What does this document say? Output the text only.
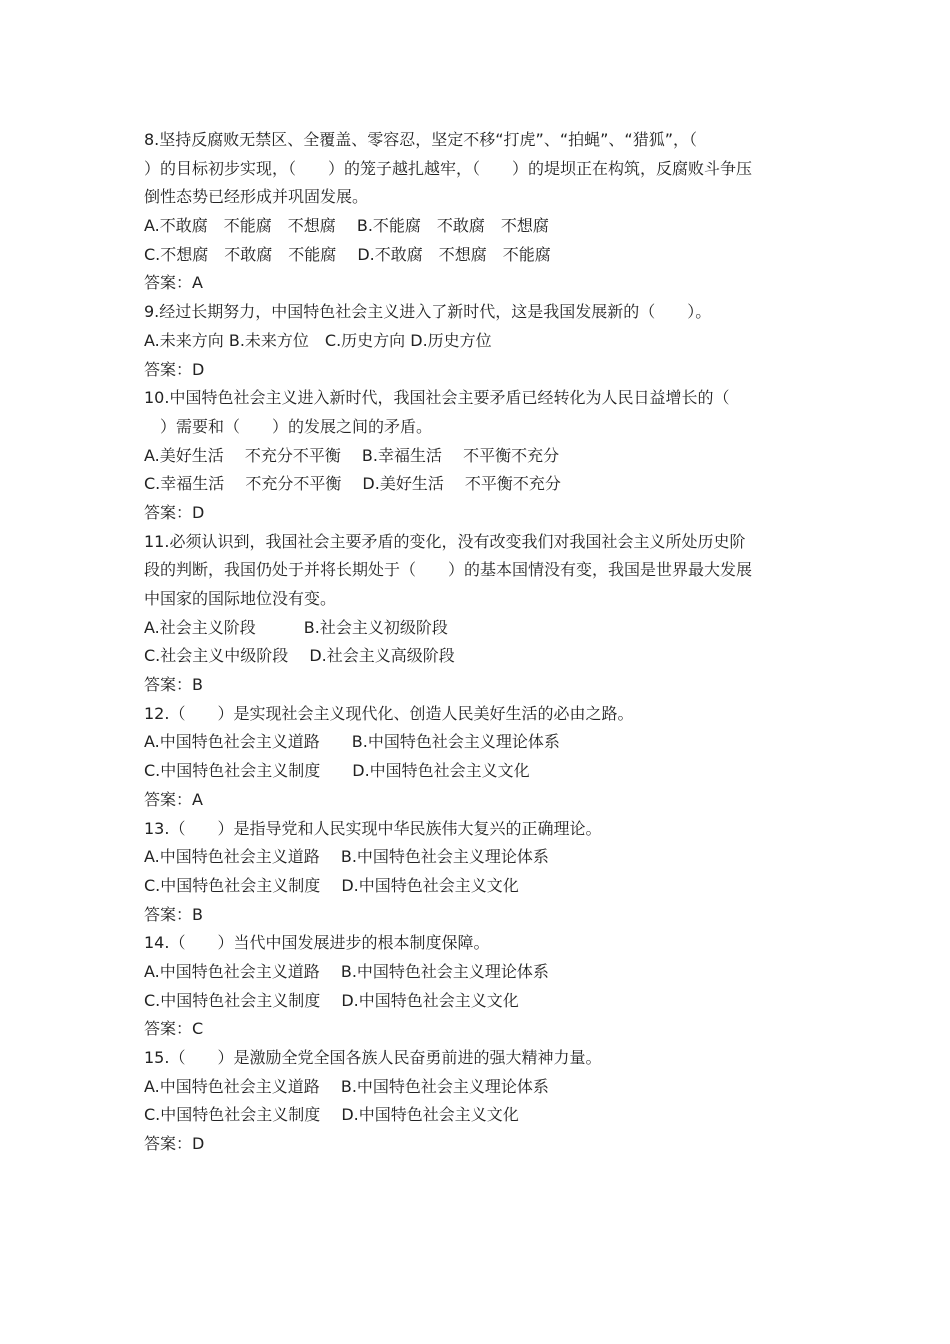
8.坚持反腐败无禁区、全覆盖、零容忍，坚定不移“打虎”、“拍蝇”、“猎狐”，（
）的目标初步实现，（　　）的笼子越扎越牢，（　　）的堤坝正在构筑，反腐败斗争压
倒性态势已经形成并巩固发展。
A.不敢腐　不能腐　不想腐　 B.不能腐　不敢腐　不想腐
C.不想腐　不敢腐　不能腐　 D.不敢腐　不想腐　不能腐
答案：A
9.经过长期努力，中国特色社会主义进入了新时代，这是我国发展新的（　　）。
A.未来方向 B.未来方位　C.历史方向 D.历史方位
答案：D
10.中国特色社会主义进入新时代，我国社会主要矛盾已经转化为人民日益增长的（
　）需要和（　　）的发展之间的矛盾。
A.美好生活　 不充分不平衡　 B.幸福生活　 不平衡不充分
C.幸福生活　 不充分不平衡　 D.美好生活　 不平衡不充分
答案：D
11.必须认识到，我国社会主要矛盾的变化，没有改变我们对我国社会主义所处历史阶
段的判断，我国仍处于并将长期处于（　　）的基本国情没有变，我国是世界最大发展
中国家的国际地位没有变。
A.社会主义阶段　　　B.社会主义初级阶段
C.社会主义中级阶段　 D.社会主义高级阶段
答案：B
12.（　　）是实现社会主义现代化、创造人民美好生活的必由之路。
A.中国特色社会主义道路　　B.中国特色社会主义理论体系
C.中国特色社会主义制度　　D.中国特色社会主义文化
答案：A
13.（　　）是指导党和人民实现中华民族伟大复兴的正确理论。
A.中国特色社会主义道路　 B.中国特色社会主义理论体系
C.中国特色社会主义制度　 D.中国特色社会主义文化
答案：B
14.（　　）当代中国发展进步的根本制度保障。
A.中国特色社会主义道路　 B.中国特色社会主义理论体系
C.中国特色社会主义制度　 D.中国特色社会主义文化
答案：C
15.（　　）是激励全党全国各族人民奋勇前进的强大精神力量。
A.中国特色社会主义道路　 B.中国特色社会主义理论体系
C.中国特色社会主义制度　 D.中国特色社会主义文化
答案：D
